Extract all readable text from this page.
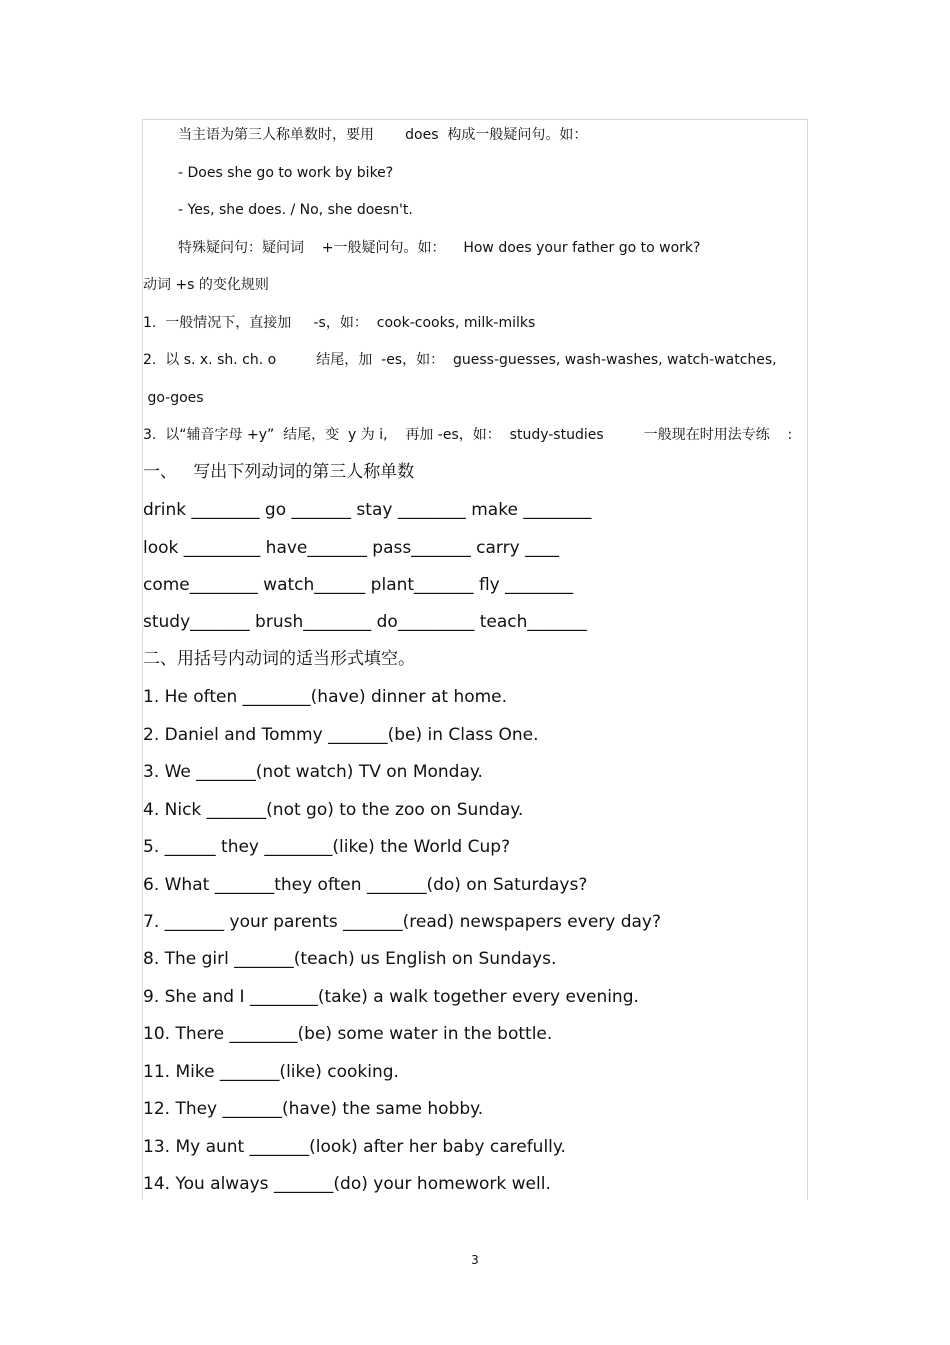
当主语为第三人称单数时，要用       does  构成一般疑问句。如：
- Does she go to work by bike?
- Yes, she does. / No, she doesn't.
特殊疑问句：疑问词    +一般疑问句。如：    How does your father go to work?
动词 +s 的变化规则
1.  一般情况下，直接加     -s，如：  cook-cooks, milk-milks
2.  以 s. x. sh. ch. o         结尾，加  -es，如：  guess-guesses, wash-washes, watch-watches,
go-goes
3.  以“辅音字母 +y”  结尾，变  y 为 i,    再加 -es，如：  study-studies         一般现在时用法专练    :
一、   写出下列动词的第三人称单数
drink ________ go _______ stay ________ make ________
look _________ have_______ pass_______ carry ____
come________ watch______ plant_______ fly ________
study_______ brush________ do_________ teach_______
二、用括号内动词的适当形式填空。
1. He often ________(have) dinner at home.
2. Daniel and Tommy _______(be) in Class One.
3. We _______(not watch) TV on Monday.
4. Nick _______(not go) to the zoo on Sunday.
5. ______ they ________(like) the World Cup?
6. What _______they often _______(do) on Saturdays?
7. _______ your parents _______(read) newspapers every day?
8. The girl _______(teach) us English on Sundays.
9. She and I ________(take) a walk together every evening.
10. There ________(be) some water in the bottle.
11. Mike _______(like) cooking.
12. They _______(have) the same hobby.
13. My aunt _______(look) after her baby carefully.
14. You always _______(do) your homework well.
3
